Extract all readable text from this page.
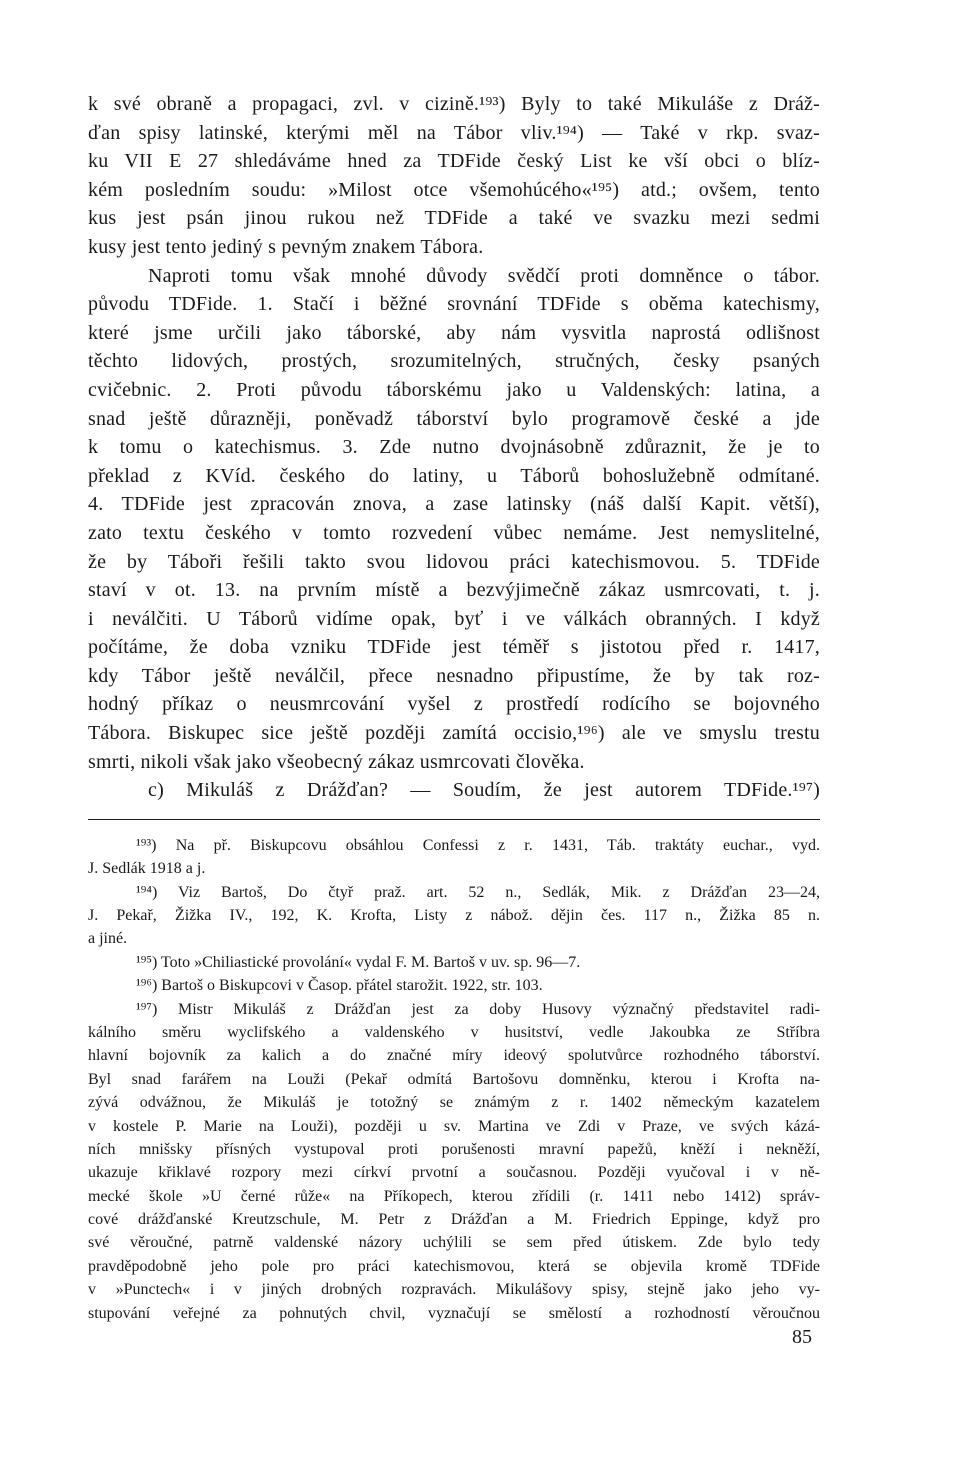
k své obraně a propagaci, zvl. v cizině.¹⁹³) Byly to také Mikuláše z Dráž-
ďan spisy latinské, kterými měl na Tábor vliv.¹⁹⁴) — Také v rkp. svaz-
ku VII E 27 shledáváme hned za TDFide český List ke vší obci o blíz-
kém posledním soudu: »Milost otce všemohúcého«¹⁹⁵) atd.; ovšem, tento
kus jest psán jinou rukou než TDFide a také ve svazku mezi sedmi
kusy jest tento jediný s pevným znakem Tábora.
Naproti tomu však mnohé důvody svědčí proti domněnce o tábor.
původu TDFide. 1. Stačí i běžné srovnání TDFide s oběma katechismy,
které jsme určili jako táborské, aby nám vysvitla naprostá odlišnost
těchto lidových, prostých, srozumitelných, stručných, česky psaných
cvičebnic. 2. Proti původu táborskému jako u Valdenských: latina, a
snad ještě důrazněji, poněvadž táborství bylo programově české a jde
k tomu o katechismus. 3. Zde nutno dvojnásobně zdůraznit, že je to
překlad z KVíd. českého do latiny, u Táborů bohoslužebně odmítané.
4. TDFide jest zpracován znova, a zase latinsky (náš další Kapit. větší),
zato textu českého v tomto rozvedení vůbec nemáme. Jest nemyslitelné,
že by Tábořі řešili takto svou lidovou práci katechismovou. 5. TDFide
staví v ot. 13. na prvním místě a bezvýjimečně zákaz usmrcovati, t. j.
i neválčiti. U Táborů vidíme opak, byť i ve válkách obranných. I když
počítáme, že doba vzniku TDFide jest téměř s jistotou před r. 1417,
kdy Tábor ještě neválčil, přece nesnadno připustíme, že by tak roz-
hodný příkaz o neusmrcování vyšel z prostředí rodícího se bojovného
Tábora. Biskupec sice ještě později zamítá occisio,¹⁹⁶) ale ve smyslu trestu
smrti, nikoli však jako všeobecný zákaz usmrcovati člověka.
c) Mikuláš z Drážďan? — Soudím, že jest autorem TDFide.¹⁹⁷)
¹⁹³) Na př. Biskupcovu obsáhlou Confessi z r. 1431, Táb. traktáty euchar., vyd.
J. Sedlák 1918 a j.
¹⁹⁴) Viz Bartoš, Do čtyř praž. art. 52 n., Sedlák, Mik. z Drážďan 23—24,
J. Pekař, Žižka IV., 192, K. Krofta, Listy z nábož. dějin čes. 117 n., Žižka 85 n.
a jiné.
¹⁹⁵) Toto »Chiliastické provolání« vydal F. M. Bartoš v uv. sp. 96—7.
¹⁹⁶) Bartoš o Biskupcovi v Časop. přátel starožit. 1922, str. 103.
¹⁹⁷) Mistr Mikuláš z Drážďan jest za doby Husovy význačný představitel radi-
kálního směru wyclifského a valdenského v husitství, vedle Jakoubka ze Stříbra
hlavní bojovník za kalich a do značné míry ideový spolutvůrce rozhodného táborství.
Byl snad farářem na Louži (Pekař odmítá Bartošovu domněnku, kterou i Krofta na-
zývá odvážnou, že Mikuláš je totožný se známým z r. 1402 německým kazatelem
v kostele P. Marie na Louži), později u sv. Martina ve Zdi v Praze, ve svých kázá-
ních mnišsky přísných vystupoval proti porušenosti mravní papežů, kněží i nekněží,
ukazuje křiklavé rozpory mezi církví prvotní a současnou. Později vyučoval i v ně-
mecké škole »U černé růže« na Příkopech, kterou zřídili (r. 1411 nebo 1412) správ-
cové drážďanské Kreutzschule, M. Petr z Drážďan a M. Friedrich Eppinge, když pro
své věroučné, patrně valdenské názory uchýlili se sem před útiskem. Zde bylo tedy
pravděpodobně jeho pole pro práci katechismovou, která se objevila kromě TDFide
v »Punctech« i v jiných drobných rozpravách. Mikulášovy spisy, stejně jako jeho vy-
stupování veřejné za pohnutých chvil, vyznačují se smělostí a rozhodností věroučnou
85
